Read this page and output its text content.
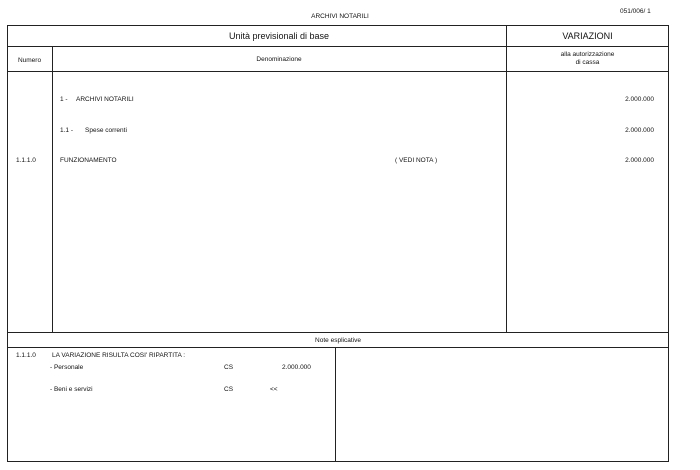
051/006/ 1
ARCHIVI NOTARILI
Unità previsionali di base	VARIAZIONI
Numero	Denominazione
alla autorizzazione
di cassa
1 - ARCHIVI NOTARILI	2.000.000
1.1 - Spese correnti	2.000.000
1.1.1.0	FUNZIONAMENTO	( VEDI NOTA )	2.000.000
Note esplicative
1.1.1.0 LA VARIAZIONE RISULTA COSI' RIPARTITA :
- Personale	CS	2.000.000
- Beni e servizi	CS	<<
